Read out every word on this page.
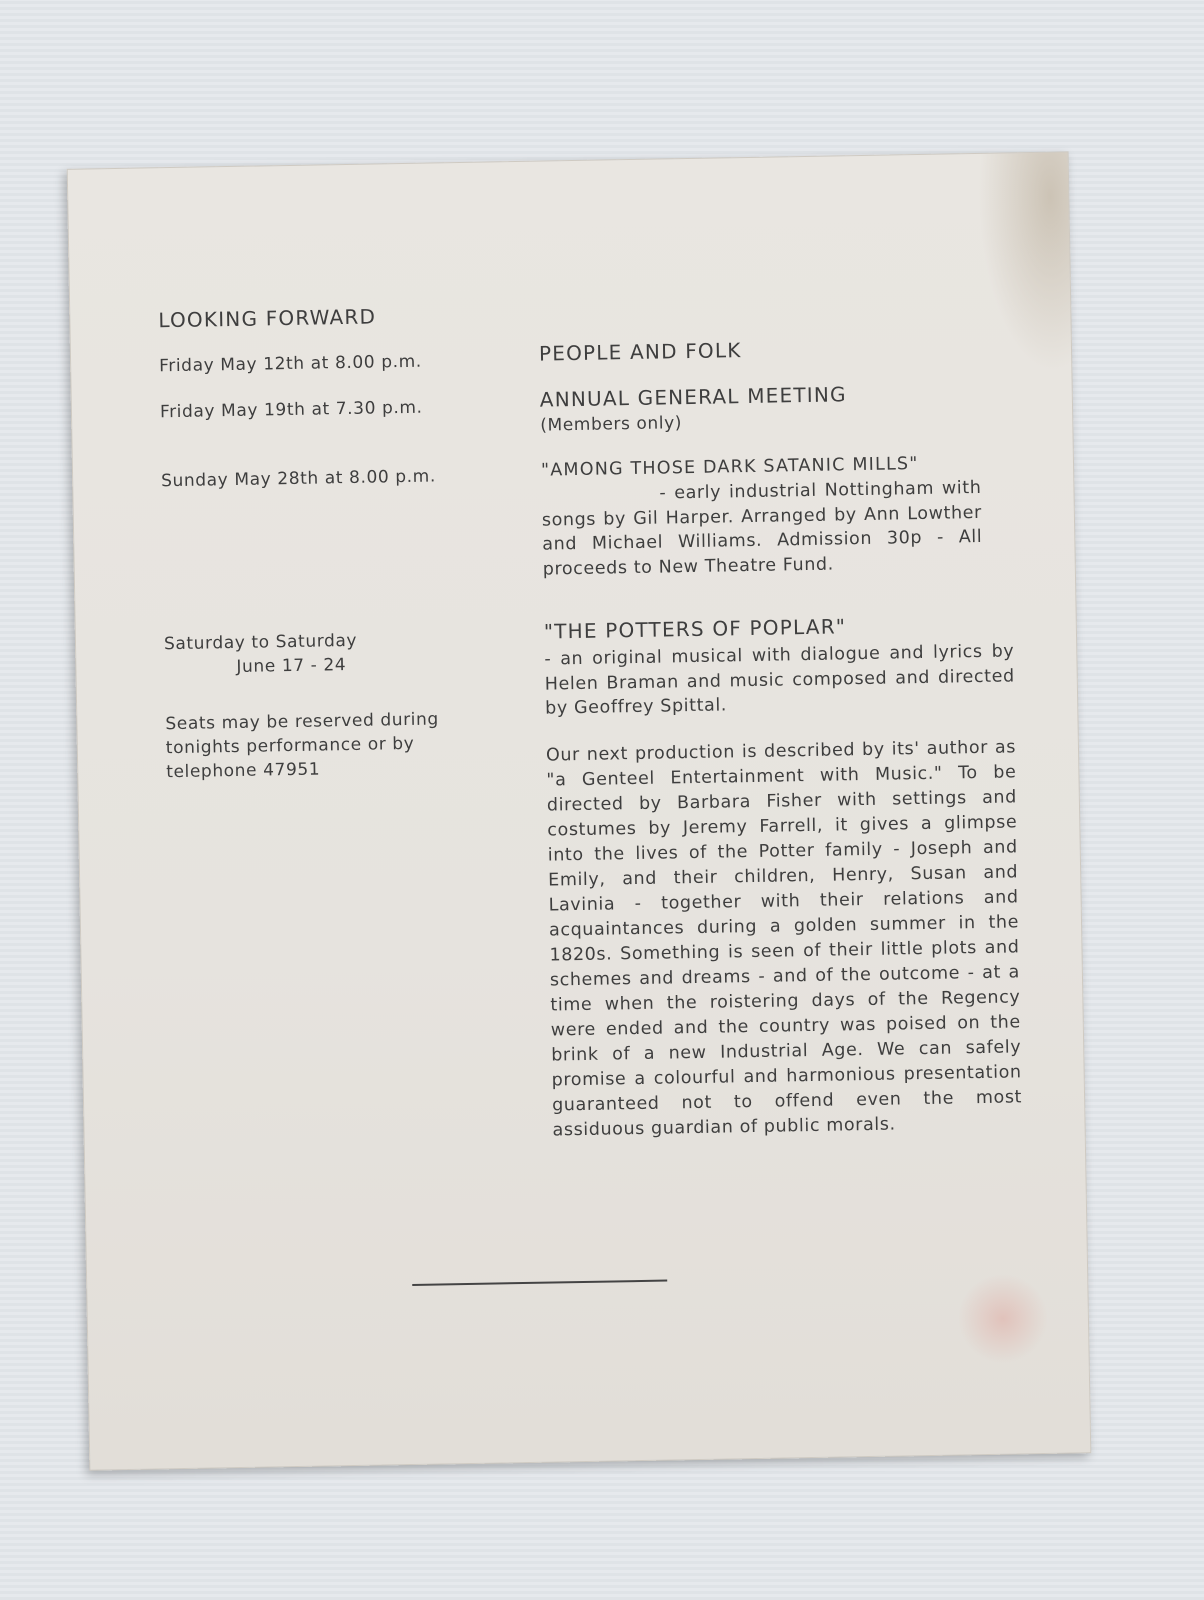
LOOKING FORWARD
Friday May 12th at 8.00 p.m.	PEOPLE AND FOLK
Friday May 19th at 7.30 p.m.	ANNUAL GENERAL MEETING
(Members only)
Sunday May 28th at 8.00 p.m.	"AMONG THOSE DARK SATANIC MILLS"
- early industrial Nottingham with songs by Gil Harper. Arranged by Ann Lowther and Michael Williams. Admission 30p - All proceeds to New Theatre Fund.
Saturday to Saturday
June 17 - 24
"THE POTTERS OF POPLAR"
- an original musical with dialogue and lyrics by Helen Braman and music composed and directed by Geoffrey Spittal.
Seats may be reserved during tonights performance or by telephone 47951
Our next production is described by its' author as "a Genteel Entertainment with Music." To be directed by Barbara Fisher with settings and costumes by Jeremy Farrell, it gives a glimpse into the lives of the Potter family - Joseph and Emily, and their children, Henry, Susan and Lavinia - together with their relations and acquaintances during a golden summer in the 1820s. Something is seen of their little plots and schemes and dreams - and of the outcome - at a time when the roistering days of the Regency were ended and the country was poised on the brink of a new Industrial Age. We can safely promise a colourful and harmonious presentation guaranteed not to offend even the most assiduous guardian of public morals.
